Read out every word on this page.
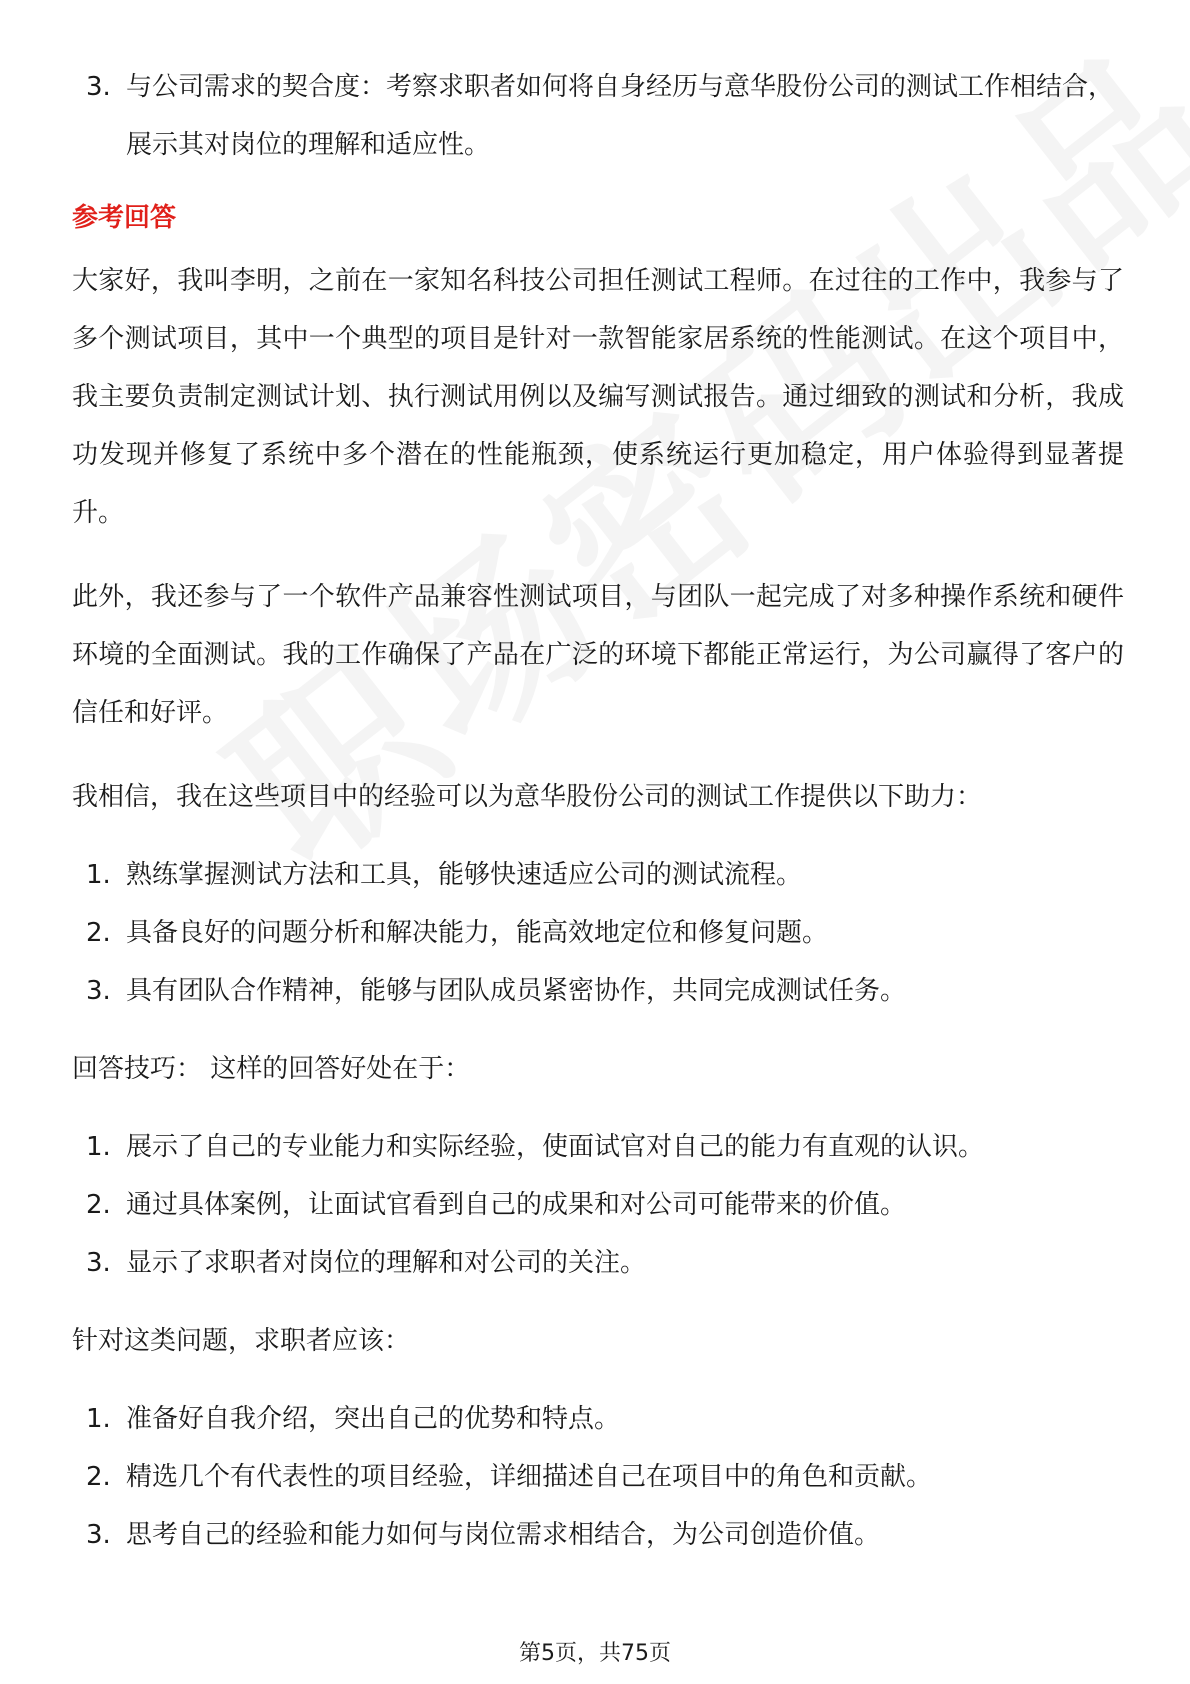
3. 与公司需求的契合度：考察求职者如何将自身经历与意华股份公司的测试工作相结合，展示其对岗位的理解和适应性。
参考回答

大家好，我叫李明，之前在一家知名科技公司担任测试工程师。在过往的工作中，我参与了多个测试项目，其中一个典型的项目是针对一款智能家居系统的性能测试。在这个项目中，我主要负责制定测试计划、执行测试用例以及编写测试报告。通过细致的测试和分析，我成功发现并修复了系统中多个潜在的性能瓶颈，使系统运行更加稳定，用户体验得到显著提升。

此外，我还参与了一个软件产品兼容性测试项目，与团队一起完成了对多种操作系统和硬件环境的全面测试。我的工作确保了产品在广泛的环境下都能正常运行，为公司赢得了客户的信任和好评。

我相信，我在这些项目中的经验可以为意华股份公司的测试工作提供以下助力：

1. 熟练掌握测试方法和工具，能够快速适应公司的测试流程。
2. 具备良好的问题分析和解决能力，能高效地定位和修复问题。
3. 具有团队合作精神，能够与团队成员紧密协作，共同完成测试任务。

回答技巧： 这样的回答好处在于：

1. 展示了自己的专业能力和实际经验，使面试官对自己的能力有直观的认识。
2. 通过具体案例，让面试官看到自己的成果和对公司可能带来的价值。
3. 显示了求职者对岗位的理解和对公司的关注。

针对这类问题，求职者应该：

1. 准备好自我介绍，突出自己的优势和特点。
2. 精选几个有代表性的项目经验，详细描述自己在项目中的角色和贡献。
3. 思考自己的经验和能力如何与岗位需求相结合，为公司创造价值。
第5页，共75页
